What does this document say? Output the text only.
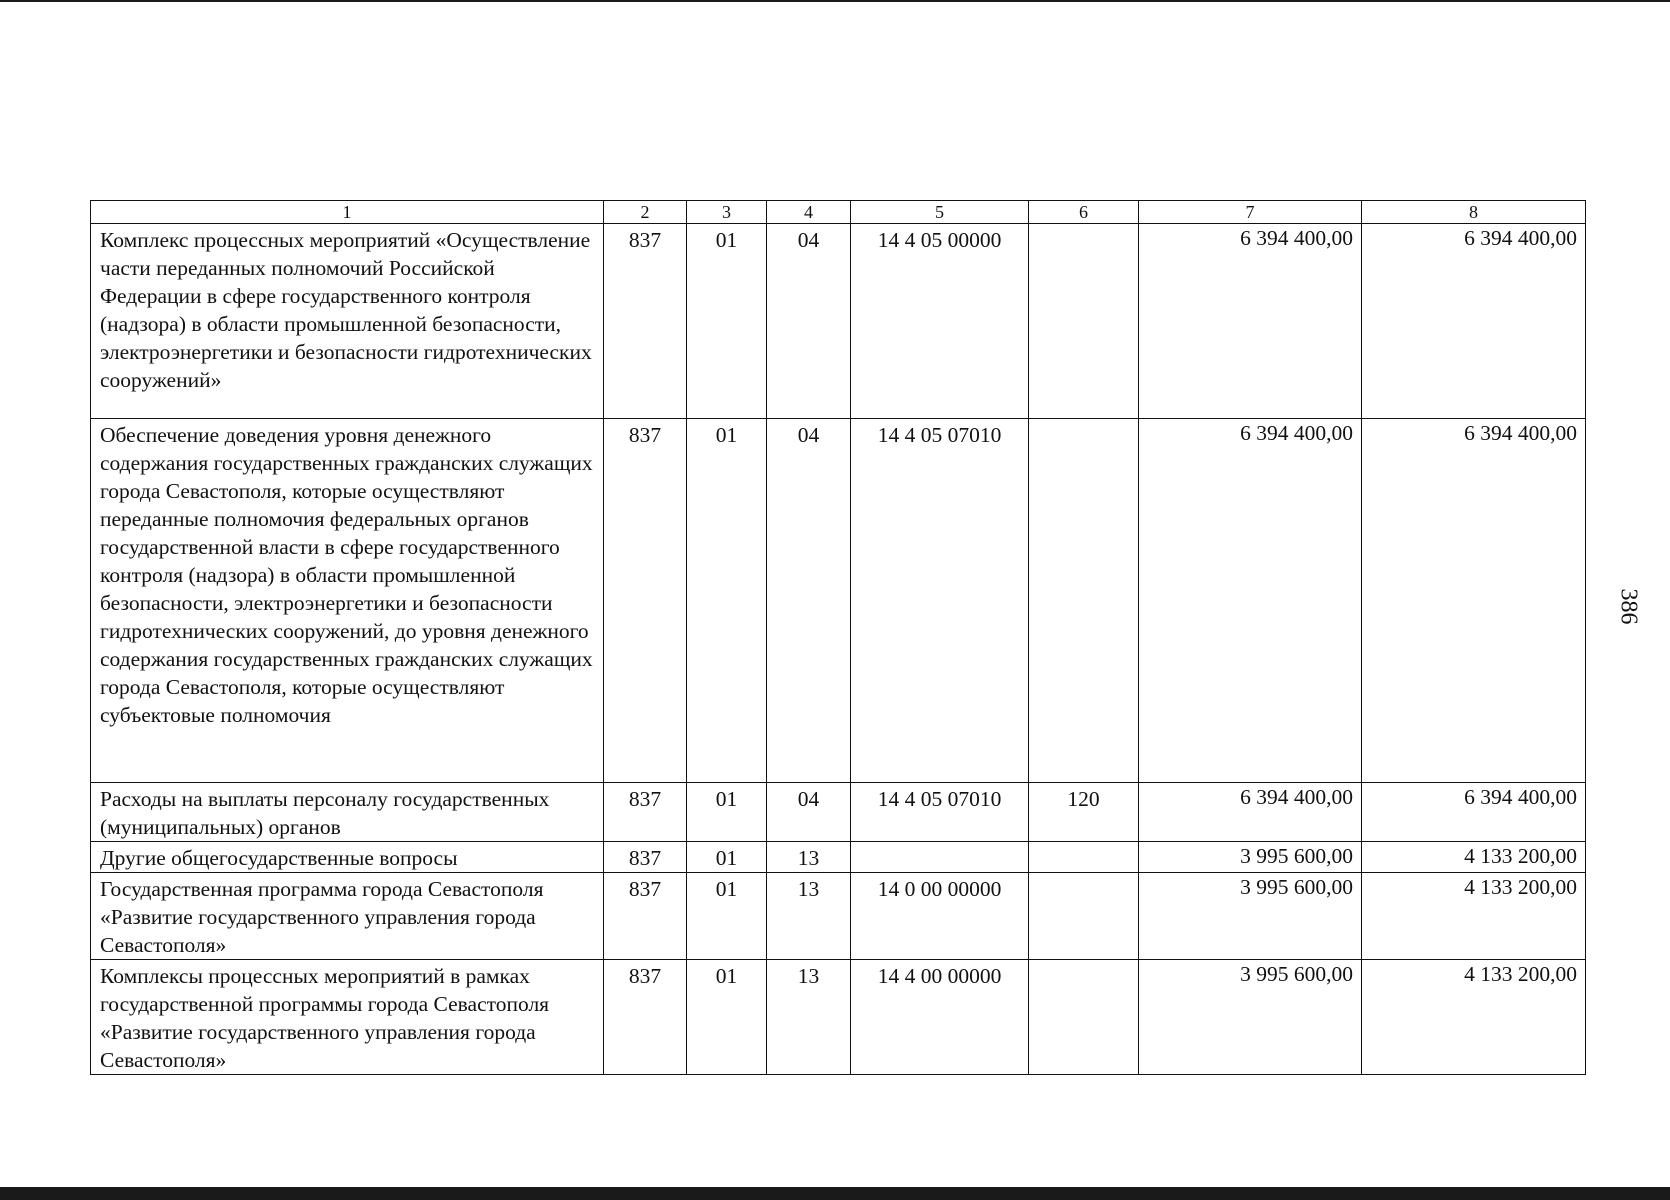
1	2	3	4	5	6	7	8
Комплекс процессных мероприятий «Осуществление части переданных полномочий Российской Федерации в сфере государственного контроля (надзора) в области промышленной безопасности, электроэнергетики и безопасности гидротехнических сооружений»	837	01	04	14 4 05 00000		6 394 400,00	6 394 400,00
Обеспечение доведения уровня денежного содержания государственных гражданских служащих города Севастополя, которые осуществляют переданные полномочия федеральных органов государственной власти в сфере государственного контроля (надзора) в области промышленной безопасности, электроэнергетики и безопасности гидротехнических сооружений, до уровня денежного содержания государственных гражданских служащих города Севастополя, которые осуществляют субъектовые полномочия	837	01	04	14 4 05 07010		6 394 400,00	6 394 400,00
Расходы на выплаты персоналу государственных (муниципальных) органов	837	01	04	14 4 05 07010	120	6 394 400,00	6 394 400,00
Другие общегосударственные вопросы	837	01	13			3 995 600,00	4 133 200,00
Государственная программа города Севастополя «Развитие государственного управления города Севастополя»	837	01	13	14 0 00 00000		3 995 600,00	4 133 200,00
Комплексы процессных мероприятий в рамках государственной программы города Севастополя «Развитие государственного управления города Севастополя»	837	01	13	14 4 00 00000		3 995 600,00	4 133 200,00
386
